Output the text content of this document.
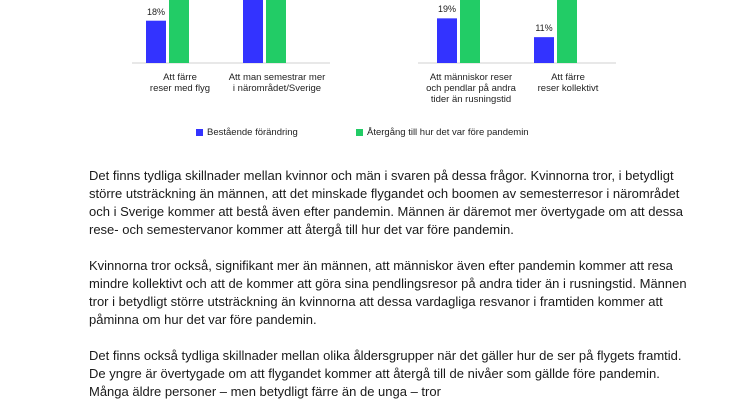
18%	19%
11%
Att färre
reser med flyg
Att man semestrar mer
i närområdet/Sverige
Att människor reser
och pendlar på andra
tider än rusningstid
Att färre
reser kollektivt
Bestående förändring	Återgång till hur det var före pandemin

Det finns tydliga skillnader mellan kvinnor och män i svaren på dessa frågor. Kvinnorna tror, i betydligt större utsträckning än männen, att det minskade flygandet och boomen av semesterresor i närområdet och i Sverige kommer att bestå även efter pandemin. Männen är däremot mer övertygade om att dessa rese- och semestervanor kommer att återgå till hur det var före pandemin.

Kvinnorna tror också, signifikant mer än männen, att människor även efter pandemin kommer att resa mindre kollektivt och att de kommer att göra sina pendlingsresor på andra tider än i rusningstid. Männen tror i betydligt större utsträckning än kvinnorna att dessa vardagliga resvanor i framtiden kommer att påminna om hur det var före pandemin.

Det finns också tydliga skillnader mellan olika åldersgrupper när det gäller hur de ser på flygets framtid. De yngre är övertygade om att flygandet kommer att återgå till de nivåer som gällde före pandemin. Många äldre personer – men betydligt färre än de unga – tror
